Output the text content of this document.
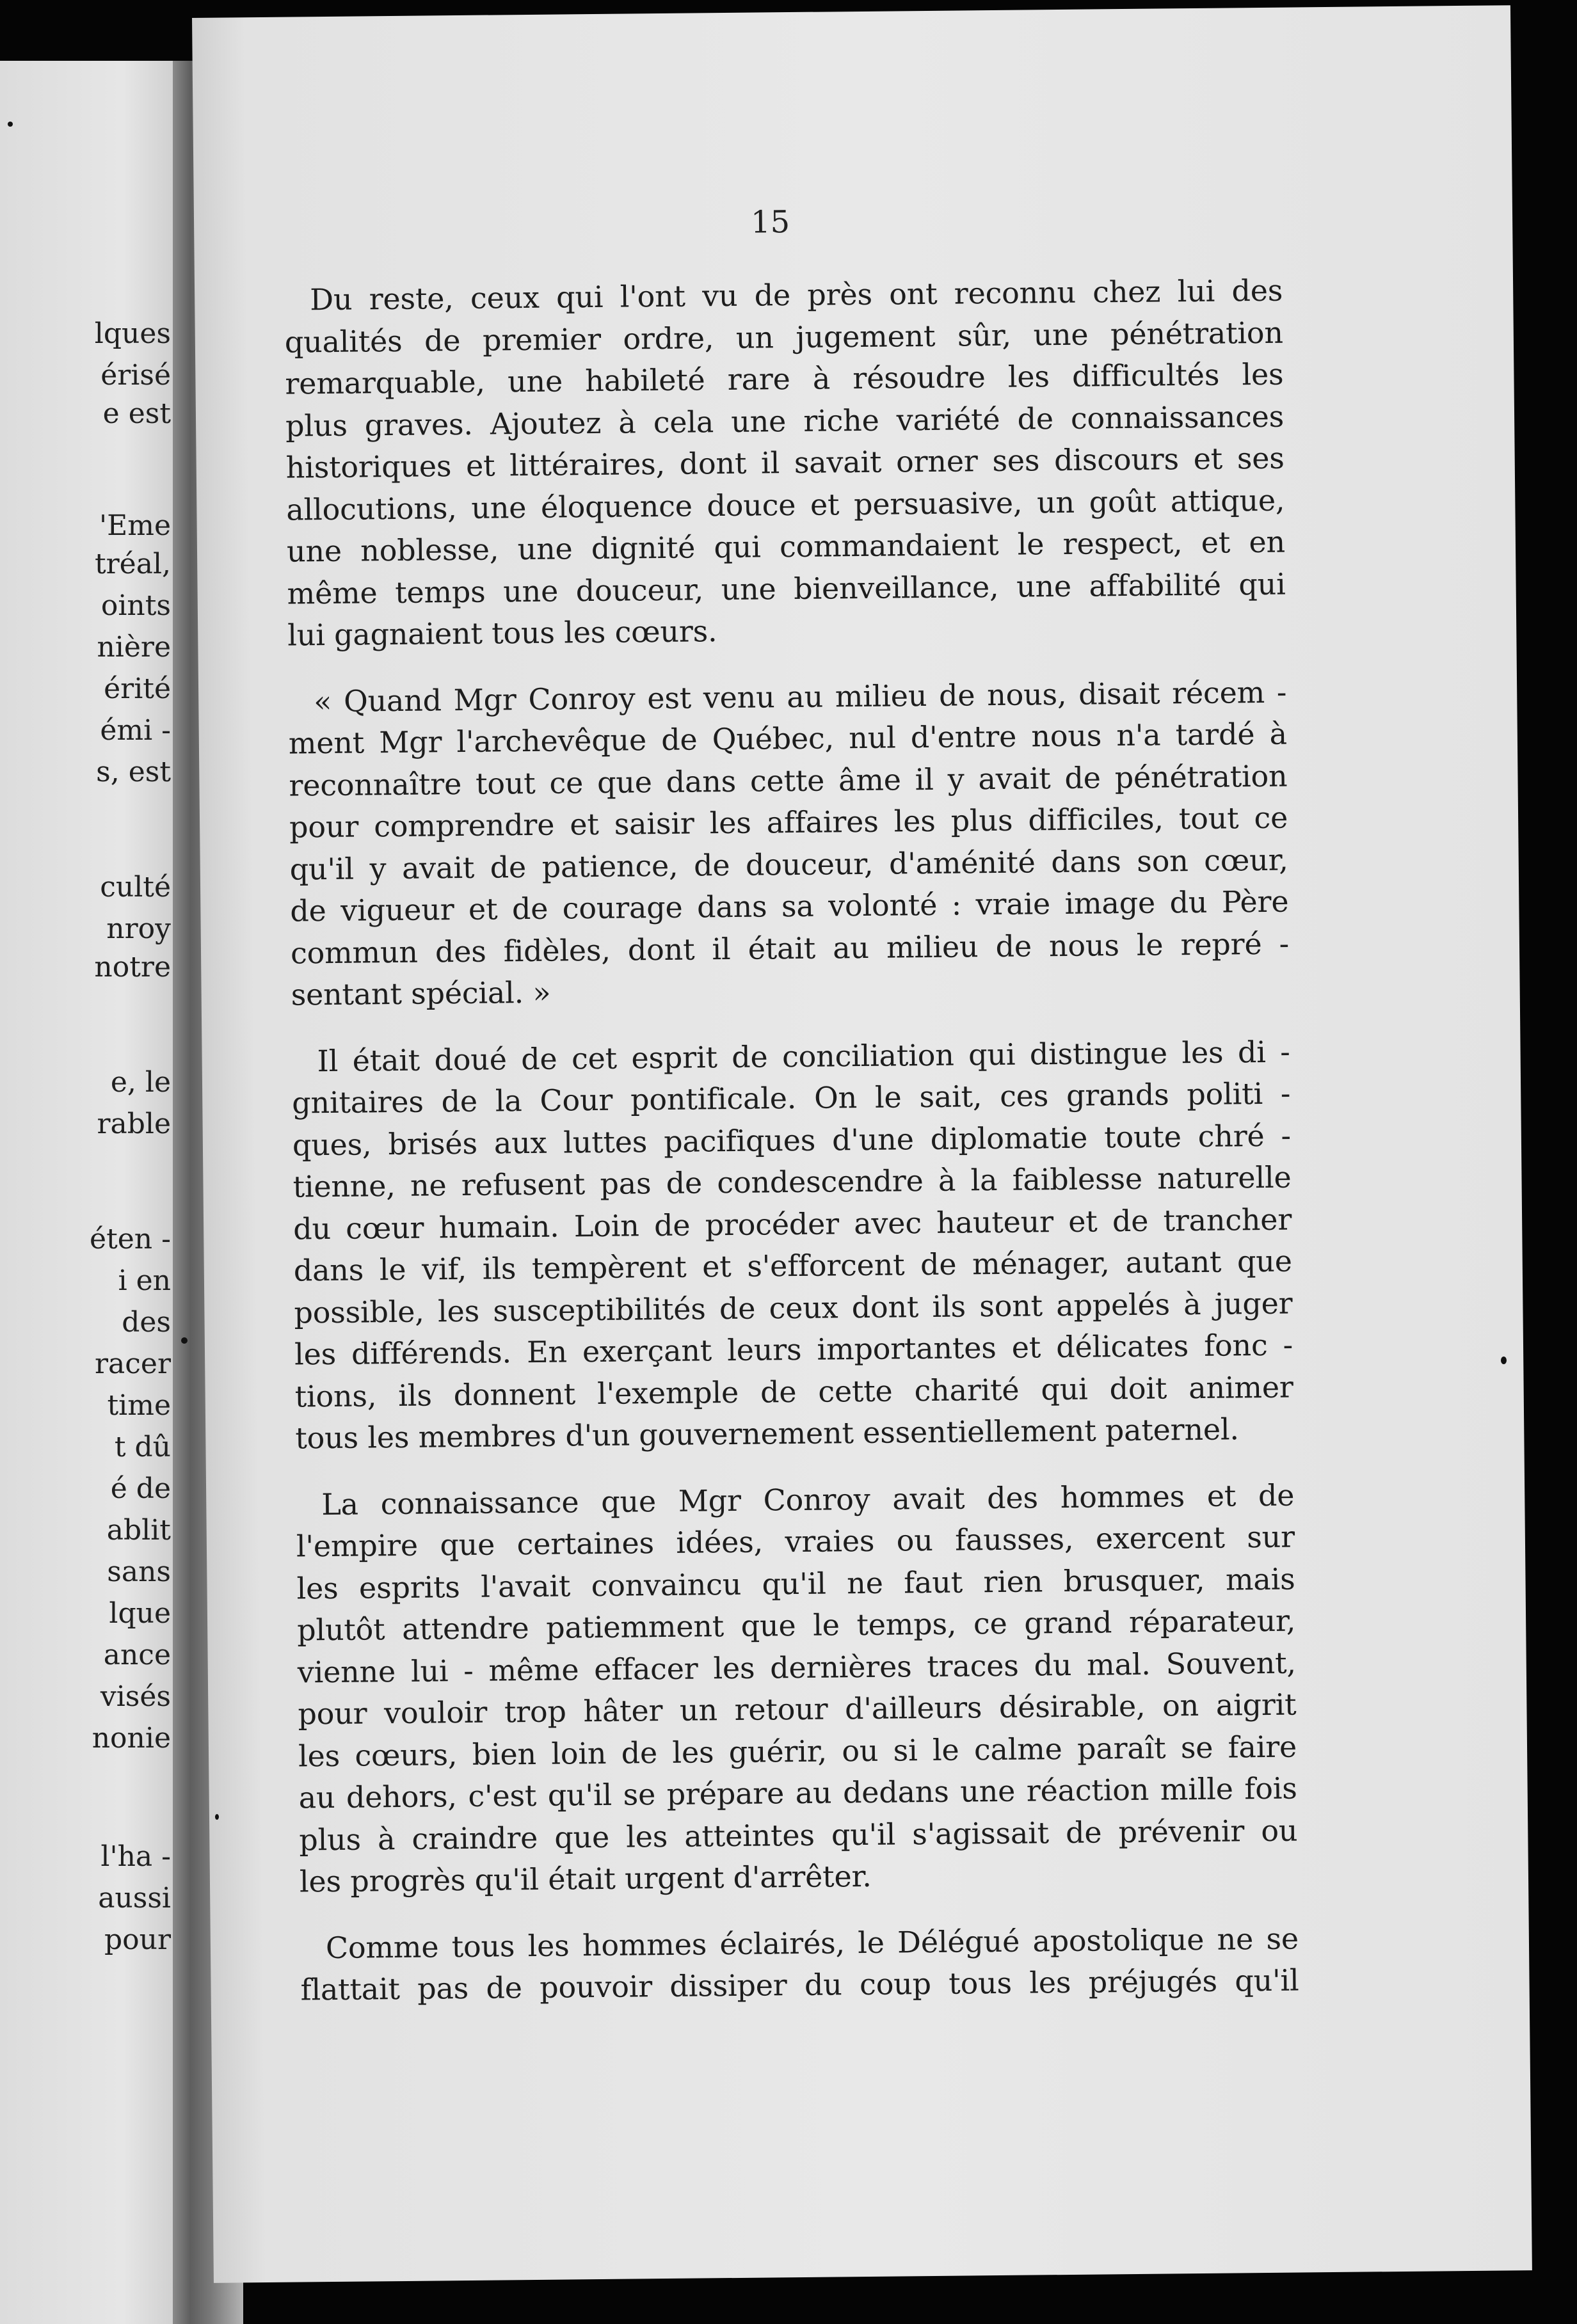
lques
érisé
e est
'Eme
tréal,
oints
nière
érité
émi -
s, est
culté
nroy
notre
e, le
rable
éten -
i en
des
racer
time
t dû
é de
ablit
sans
lque
ance
visés
nonie
l'ha -
aussi
pour
15
Du reste, ceux qui l'ont vu de près ont reconnu chez lui des
qualités de premier ordre, un jugement sûr, une pénétration
remarquable, une habileté rare à résoudre les difficultés les
plus graves. Ajoutez à cela une riche variété de connaissances
historiques et littéraires, dont il savait orner ses discours et ses
allocutions, une éloquence douce et persuasive, un goût attique,
une noblesse, une dignité qui commandaient le respect, et en
même temps une douceur, une bienveillance, une affabilité qui
lui gagnaient tous les cœurs.
« Quand Mgr Conroy est venu au milieu de nous, disait récem -
ment Mgr l'archevêque de Québec, nul d'entre nous n'a tardé à
reconnaître tout ce que dans cette âme il y avait de pénétration
pour comprendre et saisir les affaires les plus difficiles, tout ce
qu'il y avait de patience, de douceur, d'aménité dans son cœur,
de vigueur et de courage dans sa volonté : vraie image du Père
commun des fidèles, dont il était au milieu de nous le repré -
sentant spécial. »
Il était doué de cet esprit de conciliation qui distingue les di -
gnitaires de la Cour pontificale. On le sait, ces grands politi -
ques, brisés aux luttes pacifiques d'une diplomatie toute chré -
tienne, ne refusent pas de condescendre à la faiblesse naturelle
du cœur humain. Loin de procéder avec hauteur et de trancher
dans le vif, ils tempèrent et s'efforcent de ménager, autant que
possible, les susceptibilités de ceux dont ils sont appelés à juger
les différends. En exerçant leurs importantes et délicates fonc -
tions, ils donnent l'exemple de cette charité qui doit animer
tous les membres d'un gouvernement essentiellement paternel.
La connaissance que Mgr Conroy avait des hommes et de
l'empire que certaines idées, vraies ou fausses, exercent sur
les esprits l'avait convaincu qu'il ne faut rien brusquer, mais
plutôt attendre patiemment que le temps, ce grand réparateur,
vienne lui - même effacer les dernières traces du mal. Souvent,
pour vouloir trop hâter un retour d'ailleurs désirable, on aigrit
les cœurs, bien loin de les guérir, ou si le calme paraît se faire
au dehors, c'est qu'il se prépare au dedans une réaction mille fois
plus à craindre que les atteintes qu'il s'agissait de prévenir ou
les progrès qu'il était urgent d'arrêter.
Comme tous les hommes éclairés, le Délégué apostolique ne se
flattait pas de pouvoir dissiper du coup tous les préjugés qu'il
